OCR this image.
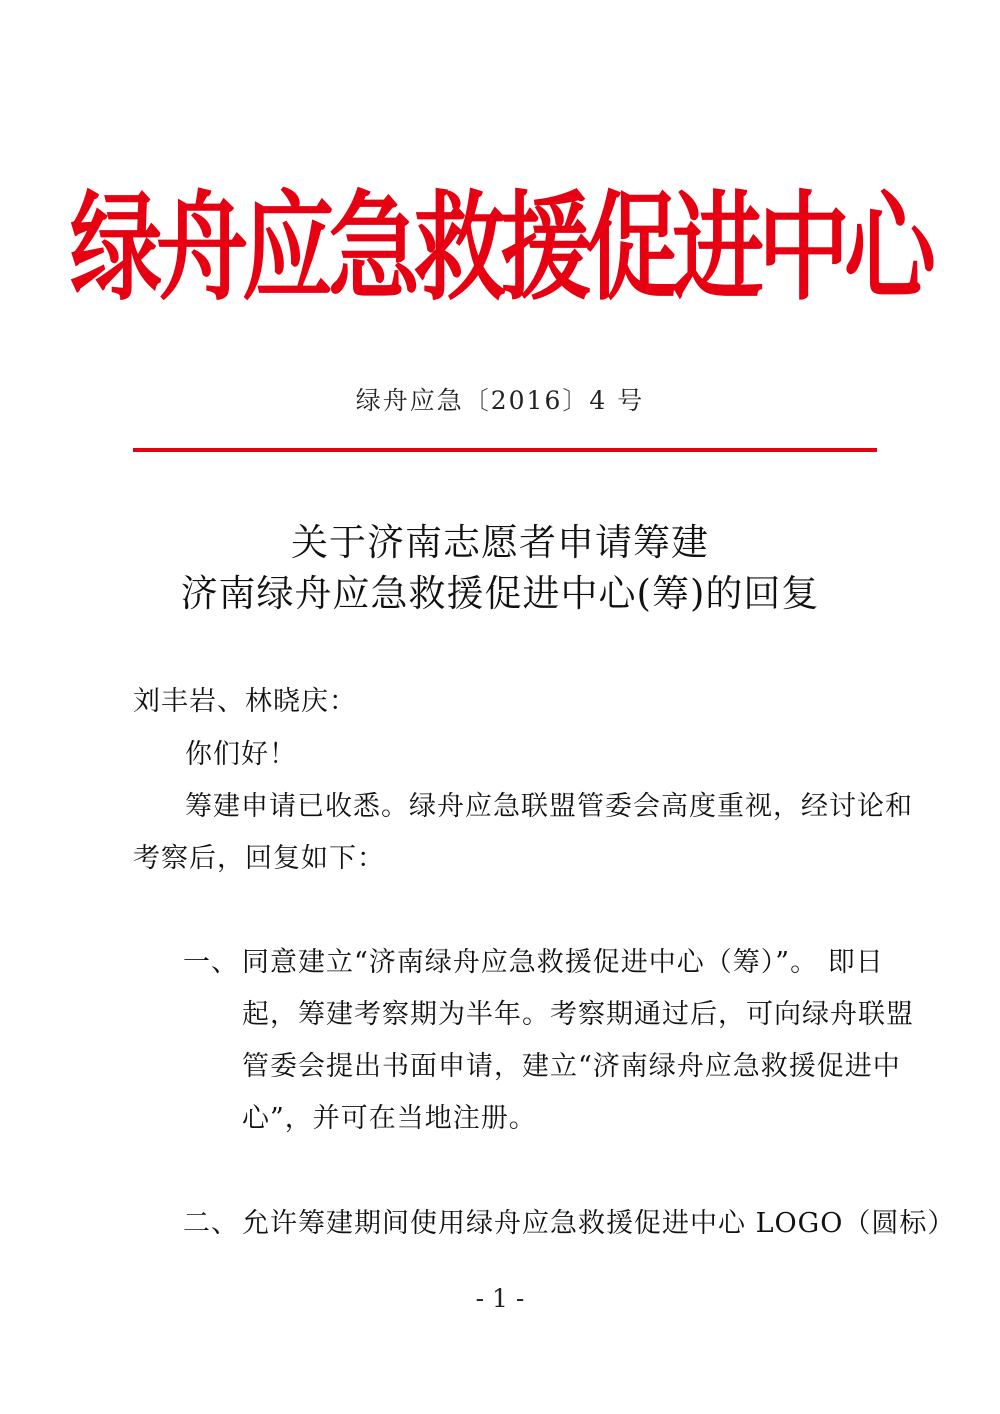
绿舟应急救援促进中心
绿舟应急〔2016〕4 号
关于济南志愿者申请筹建
济南绿舟应急救援促进中心(筹)的回复
刘丰岩、林晓庆：
你们好！
筹建申请已收悉。绿舟应急联盟管委会高度重视，经讨论和
考察后，回复如下：
一、 同意建立“济南绿舟应急救援促进中心（筹）”。 即日
起，筹建考察期为半年。考察期通过后，可向绿舟联盟
管委会提出书面申请，建立“济南绿舟应急救援促进中
心”，并可在当地注册。
二、 允许筹建期间使用绿舟应急救援促进中心 LOGO（圆标）
- 1 -
